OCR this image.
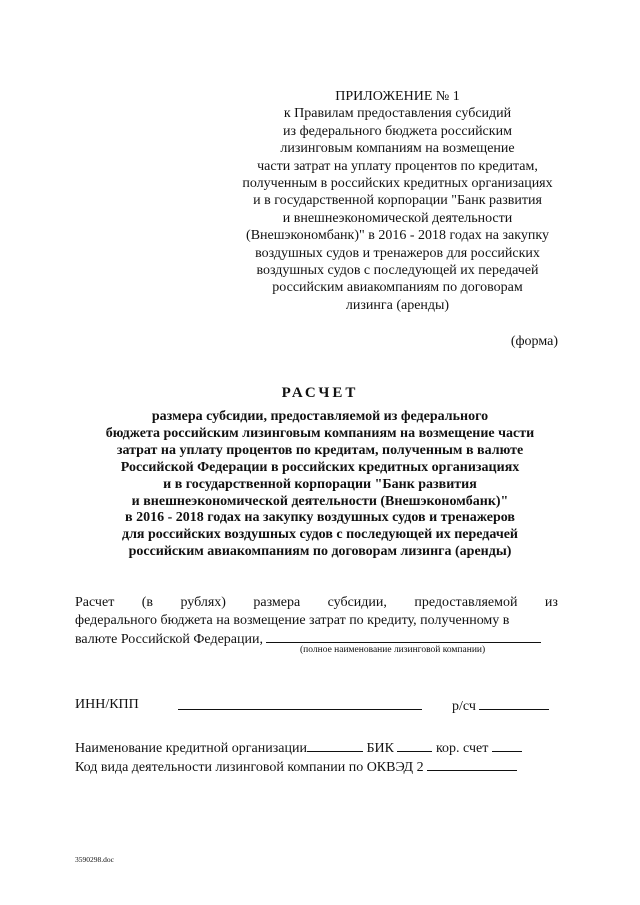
ПРИЛОЖЕНИЕ № 1
к Правилам предоставления субсидий
из федерального бюджета российским
лизинговым компаниям на возмещение
части затрат на уплату процентов по кредитам,
полученным в российских кредитных организациях
и в государственной корпорации "Банк развития
и внешнеэкономической деятельности
(Внешэкономбанк)" в 2016 - 2018 годах на закупку
воздушных судов и тренажеров для российских
воздушных судов с последующей их передачей
российским авиакомпаниям по договорам
лизинга (аренды)
(форма)
РАСЧЕТ
размера субсидии, предоставляемой из федерального
бюджета российским лизинговым компаниям на возмещение части
затрат на уплату процентов по кредитам, полученным в валюте
Российской Федерации в российских кредитных организациях
и в государственной корпорации "Банк развития
и внешнеэкономической деятельности (Внешэкономбанк)"
в 2016 - 2018 годах на закупку воздушных судов и тренажеров
для российских воздушных судов с последующей их передачей
российским авиакомпаниям по договорам лизинга (аренды)
Расчет (в рублях) размера субсидии, предоставляемой из
федерального бюджета на возмещение затрат по кредиту, полученному в
валюте Российской Федерации,
(полное наименование лизинговой компании)
ИНН/КПП	р/сч
Наименование кредитной организации	БИК	кор. счет
Код вида деятельности лизинговой компании по ОКВЭД 2
3590298.doc
